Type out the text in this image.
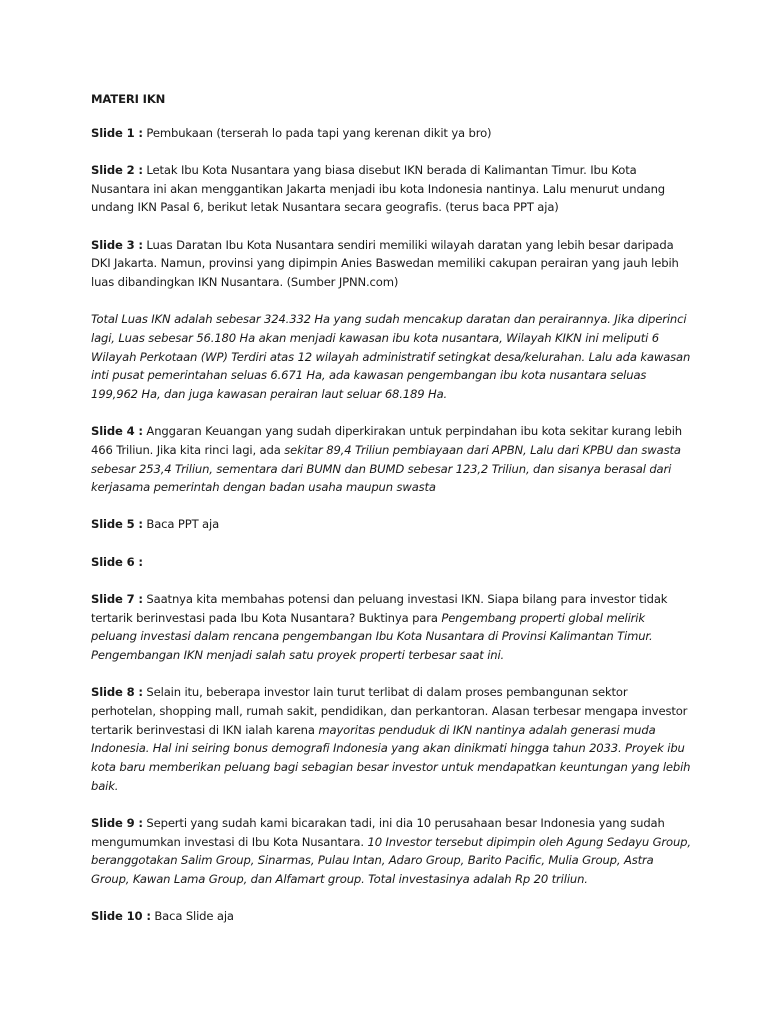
MATERI IKN

Slide 1 : Pembukaan (terserah lo pada tapi yang kerenan dikit ya bro)

Slide 2 : Letak Ibu Kota Nusantara yang biasa disebut IKN berada di Kalimantan Timur. Ibu Kota Nusantara ini akan menggantikan Jakarta menjadi ibu kota Indonesia nantinya. Lalu menurut undang undang IKN Pasal 6, berikut letak Nusantara secara geografis. (terus baca PPT aja)

Slide 3 : Luas Daratan Ibu Kota Nusantara sendiri memiliki wilayah daratan yang lebih besar daripada DKI Jakarta. Namun, provinsi yang dipimpin Anies Baswedan memiliki cakupan perairan yang jauh lebih luas dibandingkan IKN Nusantara. (Sumber JPNN.com)

Total Luas IKN adalah sebesar 324.332 Ha yang sudah mencakup daratan dan perairannya. Jika diperinci lagi, Luas sebesar 56.180 Ha akan menjadi kawasan ibu kota nusantara, Wilayah KIKN ini meliputi 6 Wilayah Perkotaan (WP) Terdiri atas 12 wilayah administratif setingkat desa/kelurahan. Lalu ada kawasan inti pusat pemerintahan seluas 6.671 Ha, ada kawasan pengembangan ibu kota nusantara seluas 199,962 Ha, dan juga kawasan perairan laut seluar 68.189 Ha.

Slide 4 : Anggaran Keuangan yang sudah diperkirakan untuk perpindahan ibu kota sekitar kurang lebih 466 Triliun. Jika kita rinci lagi, ada sekitar 89,4 Triliun pembiayaan dari APBN, Lalu dari KPBU dan swasta sebesar 253,4 Triliun, sementara dari BUMN dan BUMD sebesar 123,2 Triliun, dan sisanya berasal dari kerjasama pemerintah dengan badan usaha maupun swasta

Slide 5 : Baca PPT aja

Slide 6 :

Slide 7 : Saatnya kita membahas potensi dan peluang investasi IKN. Siapa bilang para investor tidak tertarik berinvestasi pada Ibu Kota Nusantara? Buktinya para Pengembang properti global melirik peluang investasi dalam rencana pengembangan Ibu Kota Nusantara di Provinsi Kalimantan Timur. Pengembangan IKN menjadi salah satu proyek properti terbesar saat ini.

Slide 8 : Selain itu, beberapa investor lain turut terlibat di dalam proses pembangunan sektor perhotelan, shopping mall, rumah sakit, pendidikan, dan perkantoran. Alasan terbesar mengapa investor tertarik berinvestasi di IKN ialah karena mayoritas penduduk di IKN nantinya adalah generasi muda Indonesia. Hal ini seiring bonus demografi Indonesia yang akan dinikmati hingga tahun 2033. Proyek ibu kota baru memberikan peluang bagi sebagian besar investor untuk mendapatkan keuntungan yang lebih baik.

Slide 9 : Seperti yang sudah kami bicarakan tadi, ini dia 10 perusahaan besar Indonesia yang sudah mengumumkan investasi di Ibu Kota Nusantara. 10 Investor tersebut dipimpin oleh Agung Sedayu Group, beranggotakan Salim Group, Sinarmas, Pulau Intan, Adaro Group, Barito Pacific, Mulia Group, Astra Group, Kawan Lama Group, dan Alfamart group. Total investasinya adalah Rp 20 triliun.

Slide 10 : Baca Slide aja
